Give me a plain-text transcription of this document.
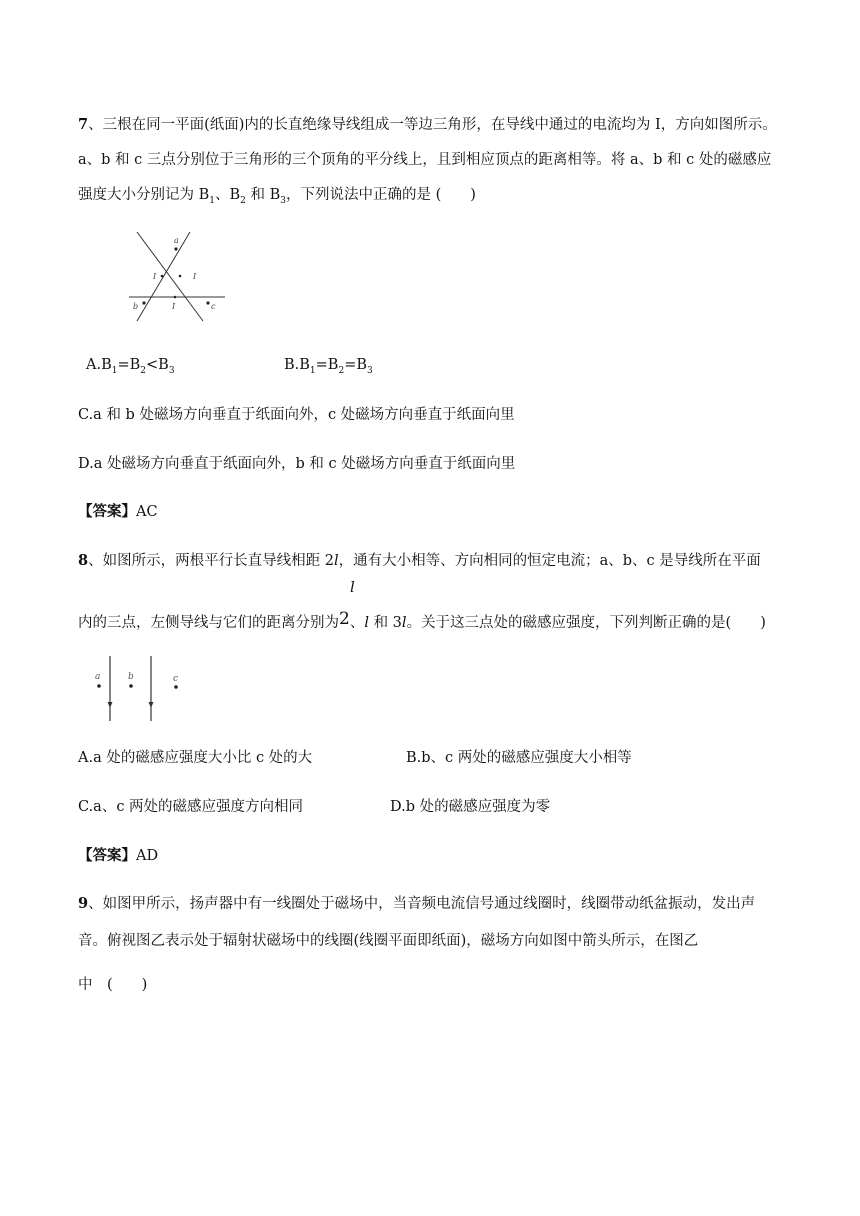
7、三根在同一平面(纸面)内的长直绝缘导线组成一等边三角形，在导线中通过的电流均为 I，方向如图所示。
a、b 和 c 三点分别位于三角形的三个顶角的平分线上，且到相应顶点的距离相等。将 a、b 和 c 处的磁感应
强度大小分别记为 $B_1$、$B_2$ 和 $B_3$，下列说法中正确的是 (　　)
a
I	I
b	I	c
$A.B_1=B_2<B_3$	$B.B_1=B_2=B_3$
C.a 和 b 处磁场方向垂直于纸面向外，c 处磁场方向垂直于纸面向里
D.a 处磁场方向垂直于纸面向外，b 和 c 处磁场方向垂直于纸面向里
【答案】AC
8、如图所示，两根平行长直导线相距 2l，通有大小相等、方向相同的恒定电流；a、b、c 是导线所在平面
l
内的三点，左侧导线与它们的距离分别为2、l 和 3l。关于这三点处的磁感应强度，下列判断正确的是(　　)
a	b	c
A.a 处的磁感应强度大小比 c 处的大	B.b、c 两处的磁感应强度大小相等
C.a、c 两处的磁感应强度方向相同	D.b 处的磁感应强度为零
【答案】AD
9、如图甲所示，扬声器中有一线圈处于磁场中，当音频电流信号通过线圈时，线圈带动纸盆振动，发出声
音。俯视图乙表示处于辐射状磁场中的线圈(线圈平面即纸面)，磁场方向如图中箭头所示，在图乙
中　(　　)
